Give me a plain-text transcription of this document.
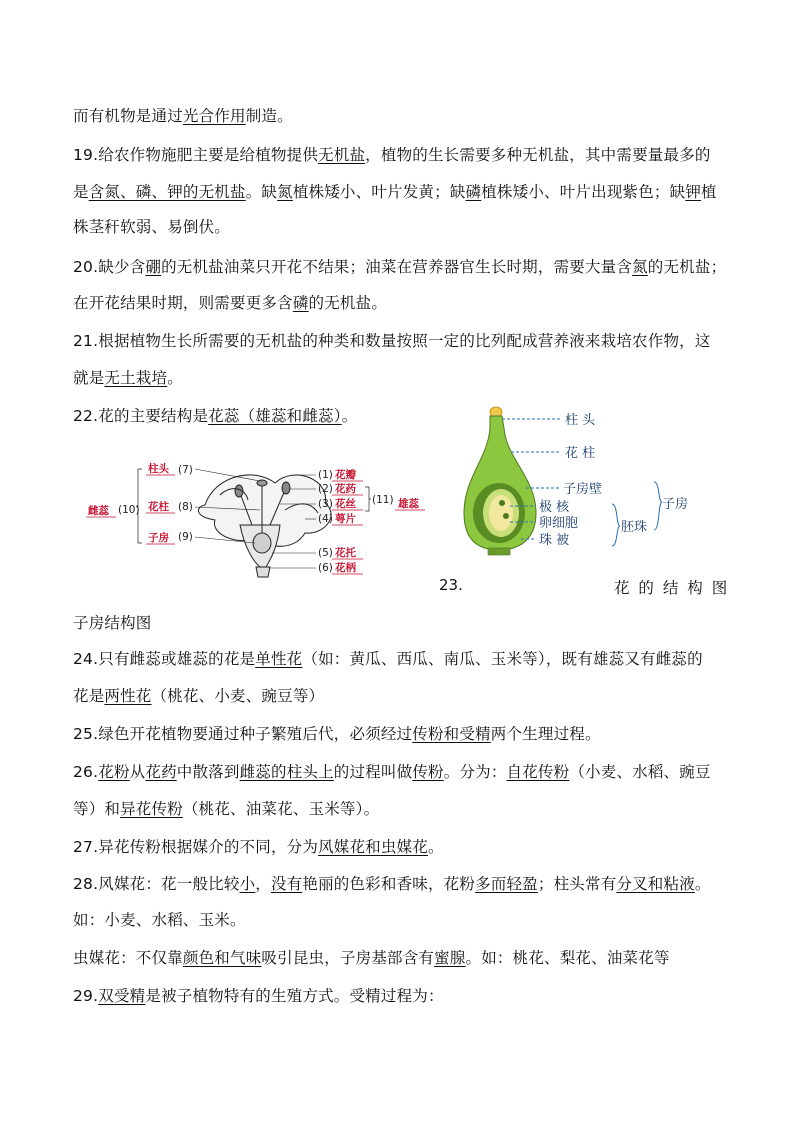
而有机物是通过光合作用制造。
19.给农作物施肥主要是给植物提供无机盐，植物的生长需要多种无机盐，其中需要量最多的
是含氮、磷、钾的无机盐。缺氮植株矮小、叶片发黄；缺磷植株矮小、叶片出现紫色；缺钾植
株茎秆软弱、易倒伏。
20.缺少含硼的无机盐油菜只开花不结果；油菜在营养器官生长时期，需要大量含氮的无机盐；
在开花结果时期，则需要更多含磷的无机盐。
21.根据植物生长所需要的无机盐的种类和数量按照一定的比列配成营养液来栽培农作物，这
就是无土栽培。
22.花的主要结构是花蕊（雄蕊和雌蕊）。
子房结构图
24.只有雌蕊或雄蕊的花是单性花（如：黄瓜、西瓜、南瓜、玉米等），既有雄蕊又有雌蕊的
花是两性花（桃花、小麦、豌豆等）
25.绿色开花植物要通过种子繁殖后代，必须经过传粉和受精两个生理过程。
26.花粉从花药中散落到雌蕊的柱头上的过程叫做传粉。分为：自花传粉（小麦、水稻、豌豆
等）和异花传粉（桃花、油菜花、玉米等）。
27.异花传粉根据媒介的不同，分为风媒花和虫媒花。
28.风媒花：花一般比较小，没有艳丽的色彩和香味，花粉多而轻盈；柱头常有分叉和粘液。
如：小麦、水稻、玉米。
虫媒花：不仅靠颜色和气味吸引昆虫，子房基部含有蜜腺。如：桃花、梨花、油菜花等
29.双受精是被子植物特有的生殖方式。受精过程为：
柱头 (7)
花柱 (8)
子房 (9)
雌蕊 (10)
(1) 花瓣
(2) 花药
(3) 花丝
(4) 萼片
(11) 雄蕊
(5) 花托
(6) 花柄
柱 头
花 柱
子房壁
极 核
卵细胞
珠 被
胚珠
子房
23.	花 的 结 构 图
